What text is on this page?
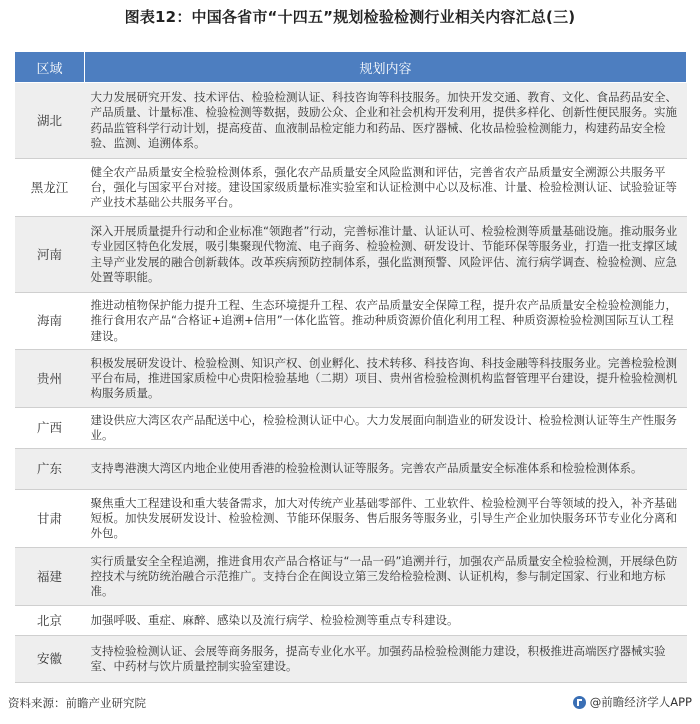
图表12：中国各省市“十四五”规划检验检测行业相关内容汇总(三)
区域	规划内容
湖北	大力发展研究开发、技术评估、检验检测认证、科技咨询等科技服务。加快开发交通、教育、文化、食品药品安全、产品质量、计量标准、检验检测等数据，鼓励公众、企业和社会机构开发利用，提供多样化、创新性便民服务。实施药品监管科学行动计划，提高疫苗、血液制品检定能力和药品、医疗器械、化妆品检验检测能力，构建药品安全检验、监测、追溯体系。
黑龙江	健全农产品质量安全检验检测体系，强化农产品质量安全风险监测和评估，完善省农产品质量安全溯源公共服务平台，强化与国家平台对接。建设国家级质量标准实验室和认证检测中心以及标准、计量、检验检测认证、试验验证等产业技术基础公共服务平台。
河南	深入开展质量提升行动和企业标准“领跑者”行动，完善标准计量、认证认可、检验检测等质量基础设施。推动服务业专业园区特色化发展，吸引集聚现代物流、电子商务、检验检测、研发设计、节能环保等服务业，打造一批支撑区域主导产业发展的融合创新载体。改革疾病预防控制体系，强化监测预警、风险评估、流行病学调查、检验检测、应急处置等职能。
海南	推进动植物保护能力提升工程、生态环境提升工程、农产品质量安全保障工程，提升农产品质量安全检验检测能力，推行食用农产品“合格证+追溯+信用”一体化监管。推动种质资源价值化利用工程、种质资源检验检测国际互认工程建设。
贵州	积极发展研发设计、检验检测、知识产权、创业孵化、技术转移、科技咨询、科技金融等科技服务业。完善检验检测平台布局，推进国家质检中心贵阳检验基地（二期）项目、贵州省检验检测机构监督管理平台建设，提升检验检测机构服务质量。
广西	建设供应大湾区农产品配送中心，检验检测认证中心。大力发展面向制造业的研发设计、检验检测认证等生产性服务业。
广东	支持粤港澳大湾区内地企业使用香港的检验检测认证等服务。完善农产品质量安全标准体系和检验检测体系。
甘肃	聚焦重大工程建设和重大装备需求，加大对传统产业基础零部件、工业软件、检验检测平台等领域的投入，补齐基础短板。加快发展研发设计、检验检测、节能环保服务、售后服务等服务业，引导生产企业加快服务环节专业化分离和外包。
福建	实行质量安全全程追溯，推进食用农产品合格证与“一品一码”追溯并行，加强农产品质量安全检验检测，开展绿色防控技术与统防统治融合示范推广。支持台企在闽设立第三发给检验检测、认证机构，参与制定国家、行业和地方标准。
北京	加强呼吸、重症、麻醉、感染以及流行病学、检验检测等重点专科建设。
安徽	支持检验检测认证、会展等商务服务，提高专业化水平。加强药品检验检测能力建设，积极推进高端医疗器械实验室、中药材与饮片质量控制实验室建设。
资料来源：前瞻产业研究院	@前瞻经济学人APP
